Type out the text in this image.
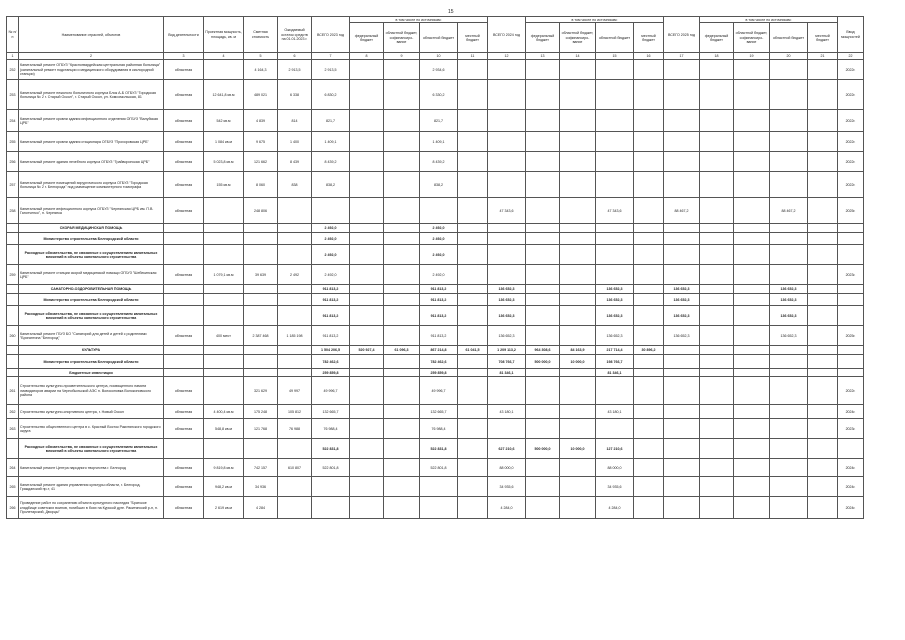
15
№ п/п	Наименование отраслей, объектов	Вид деятельности	Проектная мощность, площадь, кв. м	Сметная стоимость	Ожидаемый остаток средств на 01.01.2023 г.	ВСЕГО 2023 год	в том числе по источникам:				ВСЕГО 2024 год	в том числе по источникам:				ВСЕГО 2025 год	в том числе по источникам:				Ввод мощностей
							федеральный бюджет	областной бюджет, софинансиро-вание	областной бюджет	местный бюджет		федеральный бюджет	областной бюджет, софинансиро-вание	областной бюджет	местный бюджет		федеральный бюджет	областной бюджет, софинансиро-вание	областной бюджет	местный бюджет	
1	2	3	4	5	6	7	8	9	10	11	12	13	14	15	16	17	18	19	20	21	22
252	Капитальный ремонт ОГБУЗ "Красногвардейская центральная районная больница" (капитальный ремонт подстанции и медицинского оборудования в кислородной станции)	областная		4 164,3	2 913,5	2 913,5			2 934,6												2022г.
253	Капитальный ремонт нежилого больничного корпуса Блок А-Б ОГБУЗ "Городская больница № 2 г. Старый Оскол", г. Старый Оскол, ул. Комсомольская, 81	областная	12 641,8 кв.м	489 021	6 338	6 830,2			6 330,2												2022г.
254	Капитальный ремонт кровли здания инфекционного отделения ОГБУЗ "Валуйская ЦРБ"	областная	542 кв.м	4 839	814	821,7			821,7												2022г.
255	Капитальный ремонт кровли здания стационара ОГБУЗ "Прохоровская ЦРБ"	областная	1 084 кв.м	9 675	1 400	1 409,1			1 409,1												2022г.
256	Капитальный ремонт здания лечебного корпуса ОГБУЗ "Грайворонская ЦРБ"	областная	5 023,8 кв.м	121 662	8 439	8 439,2			8 439,2												2022г.
257	Капитальный ремонт помещений хирургического корпуса ОГБУЗ "Городская больница № 2 г. Белгорода" под размещение компьютерного томографа	областная	155 кв.м	8 060	838	838,2			838,2												2022г.
258	Капитальный ремонт инфекционного корпуса ОГБУЗ "Чернянская ЦРБ им. П.В. Гапотченко", п. Чернянка	областная		248 806							47 343,6			47 343,6		88 467,2			88 467,2		2025г.
	СКОРАЯ МЕДИЦИНСКАЯ ПОМОЩЬ					2 492,0			2 492,0												
	Министерство строительства Белгородской области					2 492,0			2 492,0												
	Расходные обязательства, не связанные с осуществлением капитальных вложений в объекты капитального строительства					2 492,0			2 492,0												
259	Капитальный ремонт станции скорой медицинской помощи ОГБУЗ "Шебекинская ЦРБ"	областная	1 079,1 кв.м	39 639	2 492	2 492,0			2 492,0												2023г.
	САНАТОРНО-ОЗДОРОВИТЕЛЬНАЯ ПОМОЩЬ					911 813,2			911 813,2		136 652,3			136 652,3		136 652,3			136 652,3		
	Министерство строительства Белгородской области					911 813,2			911 813,2		136 652,3			136 652,3		136 652,3			136 652,3		
	Расходные обязательства, не связанные с осуществлением капитальных вложений в объекты капитального строительства					911 813,2			911 813,2		136 652,3			136 652,3		136 652,3			136 652,3		
260	Капитальный ремонт ГБУЗ БО "Санаторий для детей и детей с родителями "Бригантина "Белгород"	областная	400 мест	2 387 468	1 185 198	911 813,2			911 813,2		136 652,3			136 652,3		136 652,3			136 652,3		2025г.
	КУЛЬТУРА					1 504 206,5	520 927,4	61 096,3	867 214,8	61 041,5	1 209 113,2	964 308,6	84 163,9	217 714,4	30 896,2						
	Министерство строительства Белгородской области					782 462,6			782 462,6		708 766,7	500 000,0	10 000,0	198 766,7							
	Бюджетные инвестиции					259 859,8			259 859,8		81 346,1			81 346,1							
261	Строительство культурно-просветительского центра, посвященного памяти ликвидаторов аварии на Чернобыльской АЭС п. Волоконовка Волоконовского района	областная		321 629	49 997	49 996,7			49 996,7												2022г.
262	Строительство культурно-спортивного центра, г. Новый Оскол	областная	4 400,4 кв.м	175 248	105 812	132 665,7			132 665,7		43 180,1			43 180,1							2024г.
263	Строительство общественного центра в с. Красный Восток Ракитянского городского округа	областная	548,8 кв.м	121 768	76 988	76 988,4			76 988,4												2023г.
	Расходные обязательства, не связанные с осуществлением капитальных вложений в объекты капитального строительства					522 831,8			522 831,8		627 210,6	500 000,0	10 000,0	127 210,6							
264	Капитальный ремонт Центра народного творчества г. Белгород	областная	9 819,8 кв.м	742 157	610 807	522 801,8			522 801,8		88 000,0			88 000,0							2024г.
265	Капитальный ремонт здания управления культуры области, г. Белгород, Гражданский пр-т, 41	областная	948,2 кв.м	34 936							34 935,6			34 935,6							2024г.
266	Проведение работ по сохранению объекта культурного наследия "Братское кладбище советских воинов, погибших в боях на Курской дуге. Ракитянский р-н, п. Пролетарский, Дворцы"	областная	2 619 кв.м	4 284							4 284,0			4 284,0							2024г.
